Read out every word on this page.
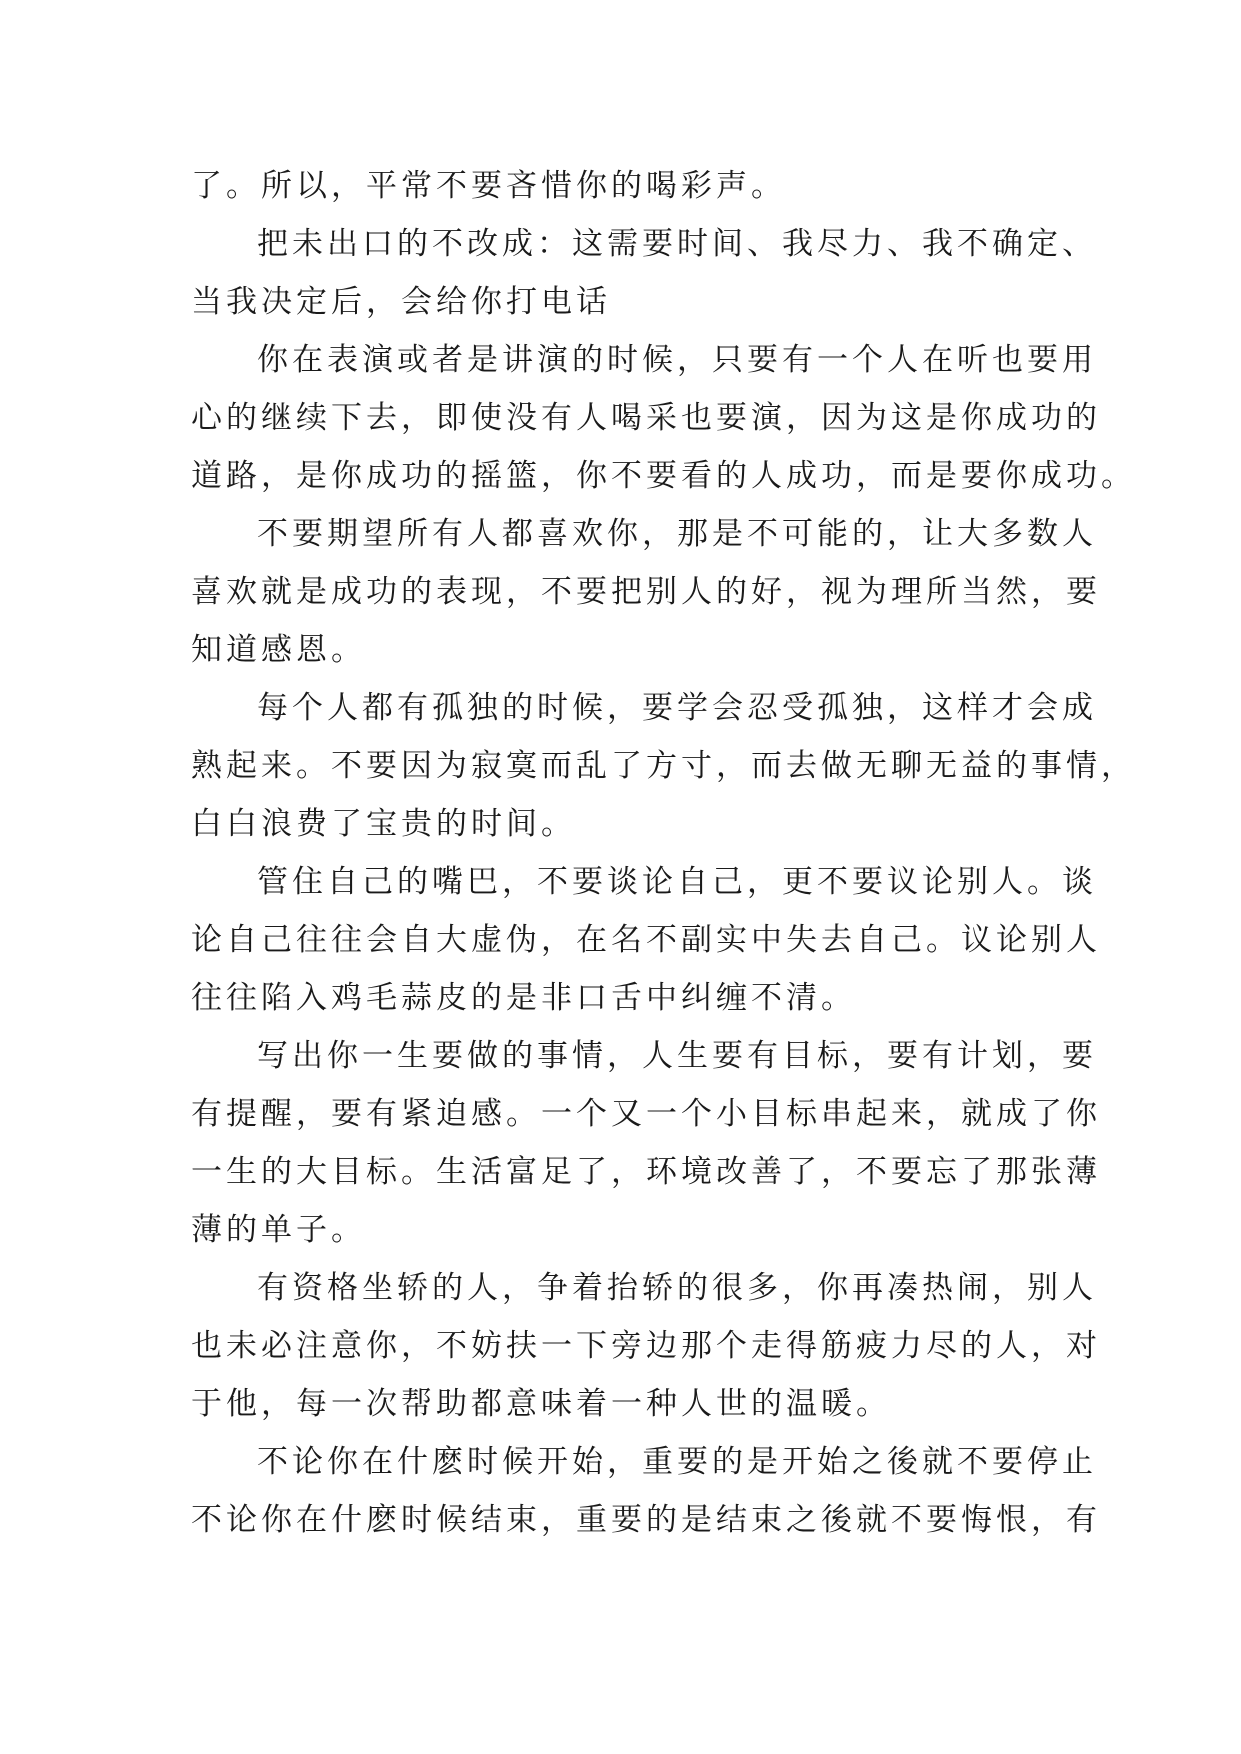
了。所以，平常不要吝惜你的喝彩声。
把未出口的不改成：这需要时间、我尽力、我不确定、
当我决定后，会给你打电话
你在表演或者是讲演的时候，只要有一个人在听也要用
心的继续下去，即使没有人喝采也要演，因为这是你成功的
道路，是你成功的摇篮，你不要看的人成功，而是要你成功。
不要期望所有人都喜欢你，那是不可能的，让大多数人
喜欢就是成功的表现，不要把别人的好，视为理所当然，要
知道感恩。
每个人都有孤独的时候，要学会忍受孤独，这样才会成
熟起来。不要因为寂寞而乱了方寸，而去做无聊无益的事情，
白白浪费了宝贵的时间。
管住自己的嘴巴，不要谈论自己，更不要议论别人。谈
论自己往往会自大虚伪，在名不副实中失去自己。议论别人
往往陷入鸡毛蒜皮的是非口舌中纠缠不清。
写出你一生要做的事情，人生要有目标，要有计划，要
有提醒，要有紧迫感。一个又一个小目标串起来，就成了你
一生的大目标。生活富足了，环境改善了，不要忘了那张薄
薄的单子。
有资格坐轿的人，争着抬轿的很多，你再凑热闹，别人
也未必注意你，不妨扶一下旁边那个走得筋疲力尽的人，对
于他，每一次帮助都意味着一种人世的温暖。
不论你在什麽时候开始，重要的是开始之後就不要停止
不论你在什麽时候结束，重要的是结束之後就不要悔恨，有
